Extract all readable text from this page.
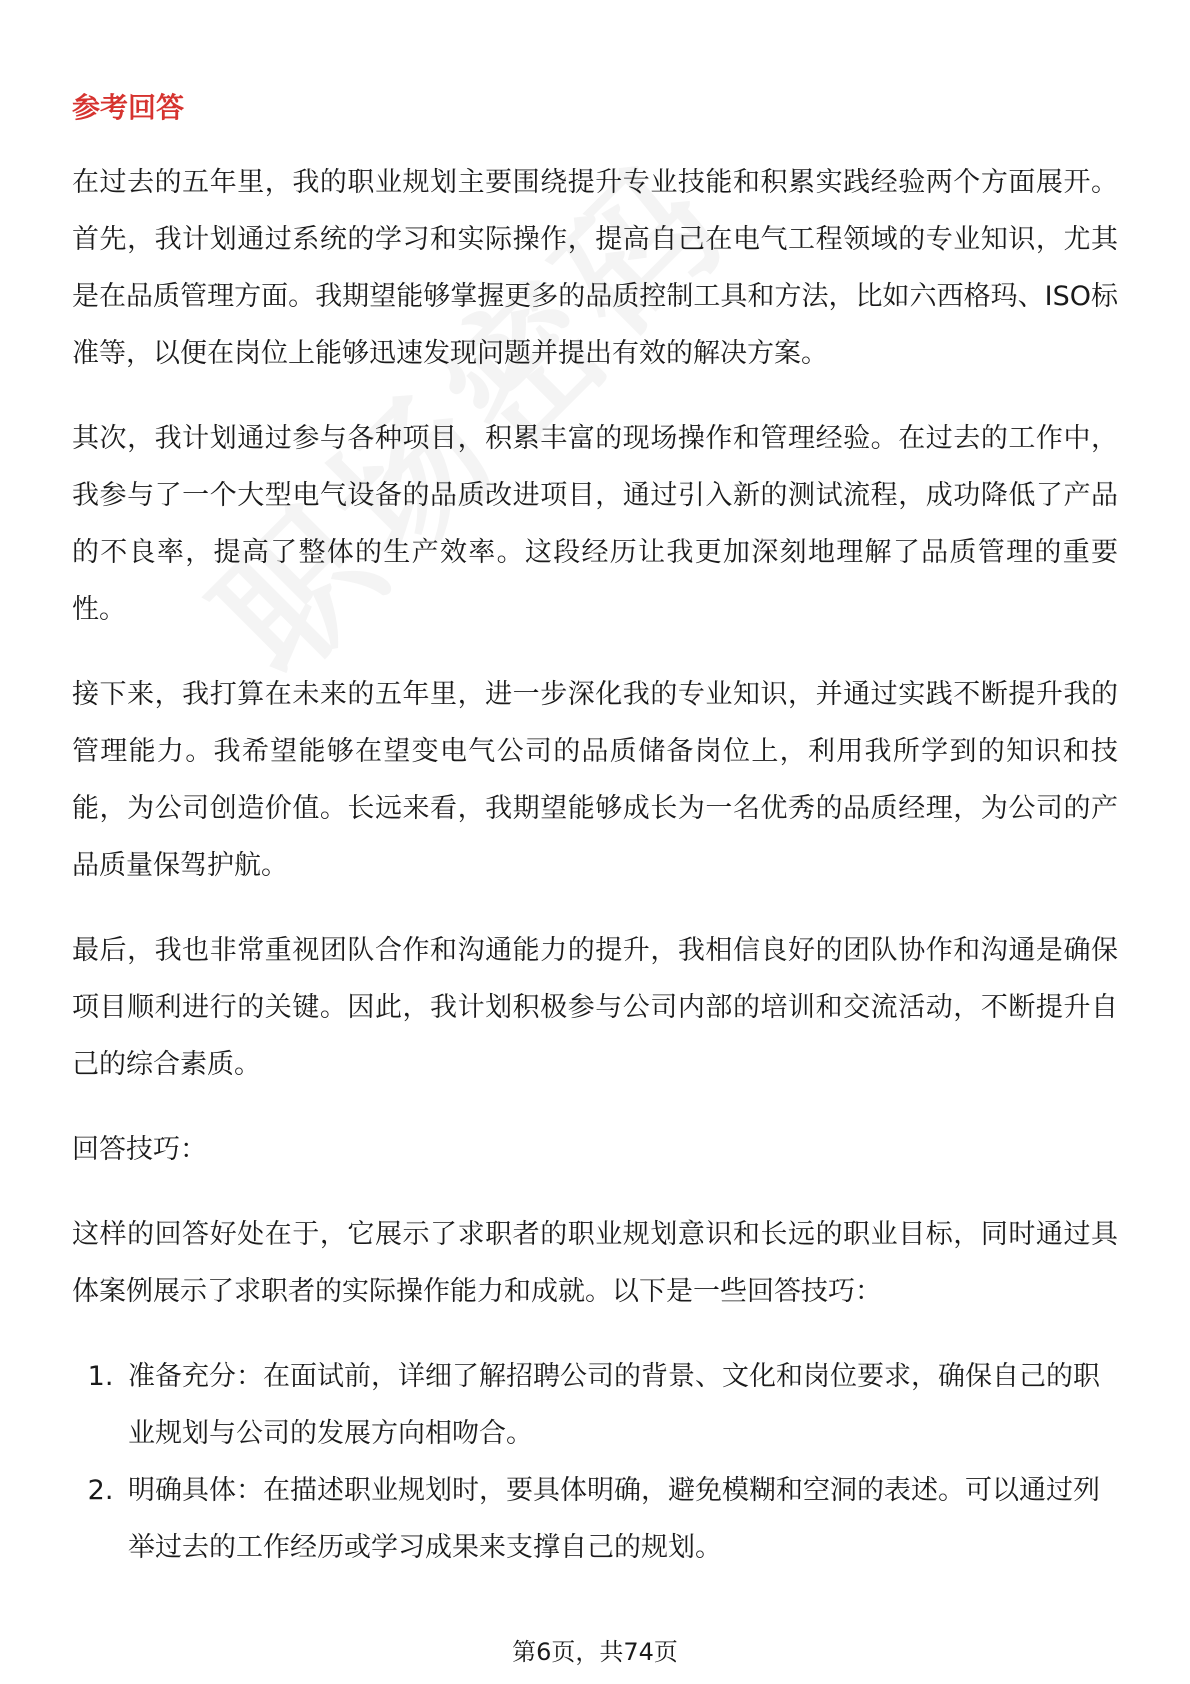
参考回答

在过去的五年里，我的职业规划主要围绕提升专业技能和积累实践经验两个方面展开。首先，我计划通过系统的学习和实际操作，提高自己在电气工程领域的专业知识，尤其是在品质管理方面。我期望能够掌握更多的品质控制工具和方法，比如六西格玛、ISO标准等，以便在岗位上能够迅速发现问题并提出有效的解决方案。

其次，我计划通过参与各种项目，积累丰富的现场操作和管理经验。在过去的工作中，我参与了一个大型电气设备的品质改进项目，通过引入新的测试流程，成功降低了产品的不良率，提高了整体的生产效率。这段经历让我更加深刻地理解了品质管理的重要性。

接下来，我打算在未来的五年里，进一步深化我的专业知识，并通过实践不断提升我的管理能力。我希望能够在望变电气公司的品质储备岗位上，利用我所学到的知识和技能，为公司创造价值。长远来看，我期望能够成长为一名优秀的品质经理，为公司的产品质量保驾护航。

最后，我也非常重视团队合作和沟通能力的提升，我相信良好的团队协作和沟通是确保项目顺利进行的关键。因此，我计划积极参与公司内部的培训和交流活动，不断提升自己的综合素质。

回答技巧：

这样的回答好处在于，它展示了求职者的职业规划意识和长远的职业目标，同时通过具体案例展示了求职者的实际操作能力和成就。以下是一些回答技巧：

1. 准备充分：在面试前，详细了解招聘公司的背景、文化和岗位要求，确保自己的职业规划与公司的发展方向相吻合。
2. 明确具体：在描述职业规划时，要具体明确，避免模糊和空洞的表述。可以通过列举过去的工作经历或学习成果来支撑自己的规划。
第6页，共74页
